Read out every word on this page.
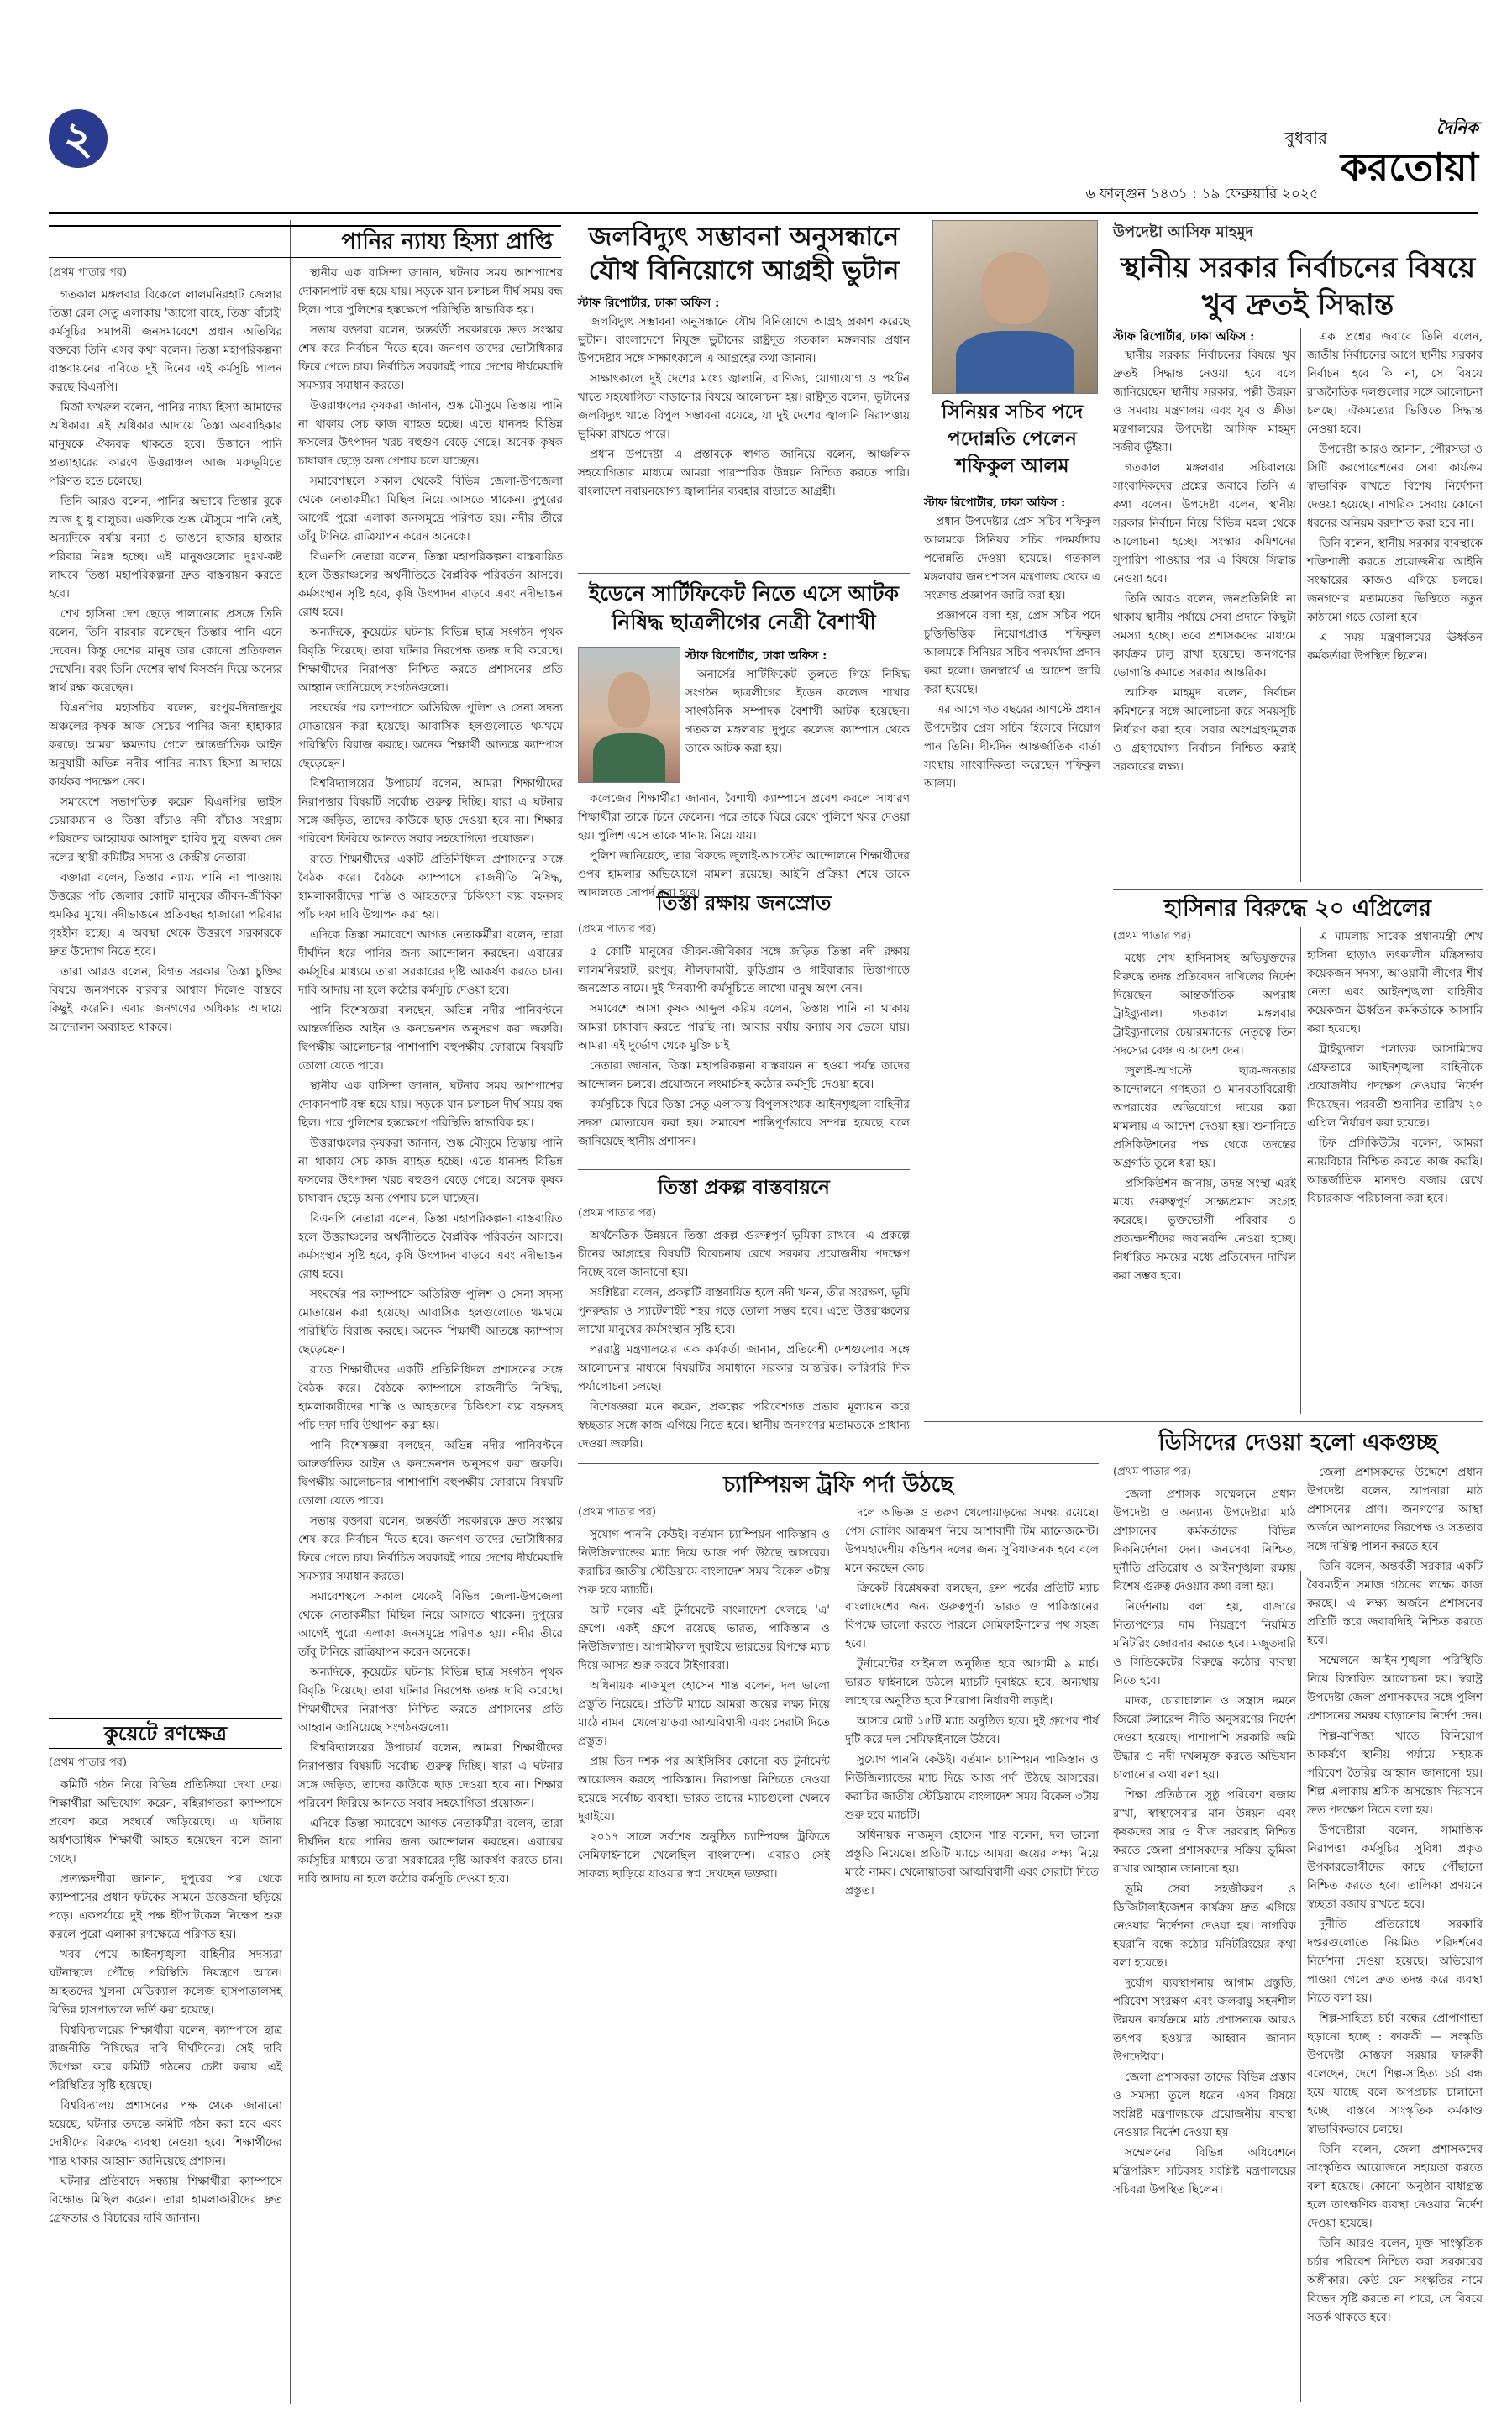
২	বুধবার
৬ ফাল্গুন ১৪৩১ : ১৯ ফেব্রুয়ারি ২০২৫
দৈনিক
করতোয়া
পানির ন্যায্য হিস্যা প্রাপ্তি
(প্রথম পাতার পর)

গতকাল মঙ্গলবার বিকেলে লালমনিরহাট জেলার তিস্তা রেল সেতু এলাকায় 'জাগো বাহে, তিস্তা বাঁচাই' কর্মসূচির সমাপনী জনসমাবেশে প্রধান অতিথির বক্তব্যে তিনি এসব কথা বলেন। তিস্তা মহাপরিকল্পনা বাস্তবায়নের দাবিতে দুই দিনের এই কর্মসূচি পালন করছে বিএনপি।

মির্জা ফখরুল বলেন, পানির ন্যায্য হিস্যা আমাদের অধিকার। এই অধিকার আদায়ে তিস্তা অববাহিকার মানুষকে ঐক্যবদ্ধ থাকতে হবে। উজানে পানি প্রত্যাহারের কারণে উত্তরাঞ্চল আজ মরুভূমিতে পরিণত হতে চলেছে।

তিনি আরও বলেন, পানির অভাবে তিস্তার বুকে আজ ধু ধু বালুচর। একদিকে শুষ্ক মৌসুমে পানি নেই, অন্যদিকে বর্ষায় বন্যা ও ভাঙনে হাজার হাজার পরিবার নিঃস্ব হচ্ছে। এই মানুষগুলোর দুঃখ-কষ্ট লাঘবে তিস্তা মহাপরিকল্পনা দ্রুত বাস্তবায়ন করতে হবে।

শেখ হাসিনা দেশ ছেড়ে পালানোর প্রসঙ্গে তিনি বলেন, তিনি বারবার বলেছেন তিস্তার পানি এনে দেবেন। কিন্তু দেশের মানুষ তার কোনো প্রতিফলন দেখেনি। বরং তিনি দেশের স্বার্থ বিসর্জন দিয়ে অন্যের স্বার্থ রক্ষা করেছেন।

বিএনপির মহাসচিব বলেন, রংপুর-দিনাজপুর অঞ্চলের কৃষক আজ সেচের পানির জন্য হাহাকার করছে। আমরা ক্ষমতায় গেলে আন্তর্জাতিক আইন অনুযায়ী অভিন্ন নদীর পানির ন্যায্য হিস্যা আদায়ে কার্যকর পদক্ষেপ নেব।

সমাবেশে সভাপতিত্ব করেন বিএনপির ভাইস চেয়ারম্যান ও তিস্তা বাঁচাও নদী বাঁচাও সংগ্রাম পরিষদের আহ্বায়ক আসাদুল হাবিব দুলু। বক্তব্য দেন দলের স্থায়ী কমিটির সদস্য ও কেন্দ্রীয় নেতারা।

বক্তারা বলেন, তিস্তার ন্যায্য পানি না পাওয়ায় উত্তরের পাঁচ জেলার কোটি মানুষের জীবন-জীবিকা হুমকির মুখে। নদীভাঙনে প্রতিবছর হাজারো পরিবার গৃহহীন হচ্ছে। এ অবস্থা থেকে উত্তরণে সরকারকে দ্রুত উদ্যোগ নিতে হবে।

তারা আরও বলেন, বিগত সরকার তিস্তা চুক্তির বিষয়ে জনগণকে বারবার আশ্বাস দিলেও বাস্তবে কিছুই করেনি। এবার জনগণের অধিকার আদায়ে আন্দোলন অব্যাহত থাকবে।

কুয়েটে রণক্ষেত্র
(প্রথম পাতার পর)

কমিটি গঠন নিয়ে বিভিন্ন প্রতিক্রিয়া দেখা দেয়। শিক্ষার্থীরা অভিযোগ করেন, বহিরাগতরা ক্যাম্পাসে প্রবেশ করে সংঘর্ষে জড়িয়েছে। এ ঘটনায় অর্ধশতাধিক শিক্ষার্থী আহত হয়েছেন বলে জানা গেছে।

প্রত্যক্ষদর্শীরা জানান, দুপুরের পর থেকে ক্যাম্পাসের প্রধান ফটকের সামনে উত্তেজনা ছড়িয়ে পড়ে। একপর্যায়ে দুই পক্ষ ইটপাটকেল নিক্ষেপ শুরু করলে পুরো এলাকা রণক্ষেত্রে পরিণত হয়।

খবর পেয়ে আইনশৃঙ্খলা বাহিনীর সদস্যরা ঘটনাস্থলে পৌঁছে পরিস্থিতি নিয়ন্ত্রণে আনে। আহতদের খুলনা মেডিক্যাল কলেজ হাসপাতালসহ বিভিন্ন হাসপাতালে ভর্তি করা হয়েছে।

বিশ্ববিদ্যালয়ের শিক্ষার্থীরা বলেন, ক্যাম্পাসে ছাত্র রাজনীতি নিষিদ্ধের দাবি দীর্ঘদিনের। সেই দাবি উপেক্ষা করে কমিটি গঠনের চেষ্টা করায় এই পরিস্থিতির সৃষ্টি হয়েছে।

বিশ্ববিদ্যালয় প্রশাসনের পক্ষ থেকে জানানো হয়েছে, ঘটনার তদন্তে কমিটি গঠন করা হবে এবং দোষীদের বিরুদ্ধে ব্যবস্থা নেওয়া হবে। শিক্ষার্থীদের শান্ত থাকার আহ্বান জানিয়েছে প্রশাসন।

ঘটনার প্রতিবাদে সন্ধ্যায় শিক্ষার্থীরা ক্যাম্পাসে বিক্ষোভ মিছিল করেন। তারা হামলাকারীদের দ্রুত গ্রেফতার ও বিচারের দাবি জানান।

স্থানীয় এক বাসিন্দা জানান, ঘটনার সময় আশপাশের দোকানপাট বন্ধ হয়ে যায়। সড়কে যান চলাচল দীর্ঘ সময় বন্ধ ছিল। পরে পুলিশের হস্তক্ষেপে পরিস্থিতি স্বাভাবিক হয়।

সভায় বক্তারা বলেন, অন্তর্বর্তী সরকারকে দ্রুত সংস্কার শেষ করে নির্বাচন দিতে হবে। জনগণ তাদের ভোটাধিকার ফিরে পেতে চায়। নির্বাচিত সরকারই পারে দেশের দীর্ঘমেয়াদি সমস্যার সমাধান করতে।

উত্তরাঞ্চলের কৃষকরা জানান, শুষ্ক মৌসুমে তিস্তায় পানি না থাকায় সেচ কাজ ব্যাহত হচ্ছে। এতে ধানসহ বিভিন্ন ফসলের উৎপাদন খরচ বহুগুণ বেড়ে গেছে। অনেক কৃষক চাষাবাদ ছেড়ে অন্য পেশায় চলে যাচ্ছেন।

সমাবেশস্থলে সকাল থেকেই বিভিন্ন জেলা-উপজেলা থেকে নেতাকর্মীরা মিছিল নিয়ে আসতে থাকেন। দুপুরের আগেই পুরো এলাকা জনসমুদ্রে পরিণত হয়। নদীর তীরে তাঁবু টানিয়ে রাত্রিযাপন করেন অনেকে।

বিএনপি নেতারা বলেন, তিস্তা মহাপরিকল্পনা বাস্তবায়িত হলে উত্তরাঞ্চলের অর্থনীতিতে বৈপ্লবিক পরিবর্তন আসবে। কর্মসংস্থান সৃষ্টি হবে, কৃষি উৎপাদন বাড়বে এবং নদীভাঙন রোধ হবে।

অন্যদিকে, কুয়েটের ঘটনায় বিভিন্ন ছাত্র সংগঠন পৃথক বিবৃতি দিয়েছে। তারা ঘটনার নিরপেক্ষ তদন্ত দাবি করেছে। শিক্ষার্থীদের নিরাপত্তা নিশ্চিত করতে প্রশাসনের প্রতি আহ্বান জানিয়েছে সংগঠনগুলো।

সংঘর্ষের পর ক্যাম্পাসে অতিরিক্ত পুলিশ ও সেনা সদস্য মোতায়েন করা হয়েছে। আবাসিক হলগুলোতে থমথমে পরিস্থিতি বিরাজ করছে। অনেক শিক্ষার্থী আতঙ্কে ক্যাম্পাস ছেড়েছেন।

বিশ্ববিদ্যালয়ের উপাচার্য বলেন, আমরা শিক্ষার্থীদের নিরাপত্তার বিষয়টি সর্বোচ্চ গুরুত্ব দিচ্ছি। যারা এ ঘটনার সঙ্গে জড়িত, তাদের কাউকে ছাড় দেওয়া হবে না। শিক্ষার পরিবেশ ফিরিয়ে আনতে সবার সহযোগিতা প্রয়োজন।

রাতে শিক্ষার্থীদের একটি প্রতিনিধিদল প্রশাসনের সঙ্গে বৈঠক করে। বৈঠকে ক্যাম্পাসে রাজনীতি নিষিদ্ধ, হামলাকারীদের শাস্তি ও আহতদের চিকিৎসা ব্যয় বহনসহ পাঁচ দফা দাবি উত্থাপন করা হয়।

এদিকে তিস্তা সমাবেশে আগত নেতাকর্মীরা বলেন, তারা দীর্ঘদিন ধরে পানির জন্য আন্দোলন করছেন। এবারের কর্মসূচির মাধ্যমে তারা সরকারের দৃষ্টি আকর্ষণ করতে চান। দাবি আদায় না হলে কঠোর কর্মসূচি দেওয়া হবে।

পানি বিশেষজ্ঞরা বলছেন, অভিন্ন নদীর পানিবণ্টনে আন্তর্জাতিক আইন ও কনভেনশন অনুসরণ করা জরুরি। দ্বিপক্ষীয় আলোচনার পাশাপাশি বহুপক্ষীয় ফোরামে বিষয়টি তোলা যেতে পারে।

স্থানীয় এক বাসিন্দা জানান, ঘটনার সময় আশপাশের দোকানপাট বন্ধ হয়ে যায়। সড়কে যান চলাচল দীর্ঘ সময় বন্ধ ছিল। পরে পুলিশের হস্তক্ষেপে পরিস্থিতি স্বাভাবিক হয়।

উত্তরাঞ্চলের কৃষকরা জানান, শুষ্ক মৌসুমে তিস্তায় পানি না থাকায় সেচ কাজ ব্যাহত হচ্ছে। এতে ধানসহ বিভিন্ন ফসলের উৎপাদন খরচ বহুগুণ বেড়ে গেছে। অনেক কৃষক চাষাবাদ ছেড়ে অন্য পেশায় চলে যাচ্ছেন।

বিএনপি নেতারা বলেন, তিস্তা মহাপরিকল্পনা বাস্তবায়িত হলে উত্তরাঞ্চলের অর্থনীতিতে বৈপ্লবিক পরিবর্তন আসবে। কর্মসংস্থান সৃষ্টি হবে, কৃষি উৎপাদন বাড়বে এবং নদীভাঙন রোধ হবে।

সংঘর্ষের পর ক্যাম্পাসে অতিরিক্ত পুলিশ ও সেনা সদস্য মোতায়েন করা হয়েছে। আবাসিক হলগুলোতে থমথমে পরিস্থিতি বিরাজ করছে। অনেক শিক্ষার্থী আতঙ্কে ক্যাম্পাস ছেড়েছেন।

রাতে শিক্ষার্থীদের একটি প্রতিনিধিদল প্রশাসনের সঙ্গে বৈঠক করে। বৈঠকে ক্যাম্পাসে রাজনীতি নিষিদ্ধ, হামলাকারীদের শাস্তি ও আহতদের চিকিৎসা ব্যয় বহনসহ পাঁচ দফা দাবি উত্থাপন করা হয়।

পানি বিশেষজ্ঞরা বলছেন, অভিন্ন নদীর পানিবণ্টনে আন্তর্জাতিক আইন ও কনভেনশন অনুসরণ করা জরুরি। দ্বিপক্ষীয় আলোচনার পাশাপাশি বহুপক্ষীয় ফোরামে বিষয়টি তোলা যেতে পারে।

সভায় বক্তারা বলেন, অন্তর্বর্তী সরকারকে দ্রুত সংস্কার শেষ করে নির্বাচন দিতে হবে। জনগণ তাদের ভোটাধিকার ফিরে পেতে চায়। নির্বাচিত সরকারই পারে দেশের দীর্ঘমেয়াদি সমস্যার সমাধান করতে।

সমাবেশস্থলে সকাল থেকেই বিভিন্ন জেলা-উপজেলা থেকে নেতাকর্মীরা মিছিল নিয়ে আসতে থাকেন। দুপুরের আগেই পুরো এলাকা জনসমুদ্রে পরিণত হয়। নদীর তীরে তাঁবু টানিয়ে রাত্রিযাপন করেন অনেকে।

অন্যদিকে, কুয়েটের ঘটনায় বিভিন্ন ছাত্র সংগঠন পৃথক বিবৃতি দিয়েছে। তারা ঘটনার নিরপেক্ষ তদন্ত দাবি করেছে। শিক্ষার্থীদের নিরাপত্তা নিশ্চিত করতে প্রশাসনের প্রতি আহ্বান জানিয়েছে সংগঠনগুলো।

বিশ্ববিদ্যালয়ের উপাচার্য বলেন, আমরা শিক্ষার্থীদের নিরাপত্তার বিষয়টি সর্বোচ্চ গুরুত্ব দিচ্ছি। যারা এ ঘটনার সঙ্গে জড়িত, তাদের কাউকে ছাড় দেওয়া হবে না। শিক্ষার পরিবেশ ফিরিয়ে আনতে সবার সহযোগিতা প্রয়োজন।

এদিকে তিস্তা সমাবেশে আগত নেতাকর্মীরা বলেন, তারা দীর্ঘদিন ধরে পানির জন্য আন্দোলন করছেন। এবারের কর্মসূচির মাধ্যমে তারা সরকারের দৃষ্টি আকর্ষণ করতে চান। দাবি আদায় না হলে কঠোর কর্মসূচি দেওয়া হবে।

জলবিদ্যুৎ সম্ভাবনা অনুসন্ধানে যৌথ বিনিয়োগে আগ্রহী ভুটান
স্টাফ রিপোর্টার, ঢাকা অফিস :

জলবিদ্যুৎ সম্ভাবনা অনুসন্ধানে যৌথ বিনিয়োগে আগ্রহ প্রকাশ করেছে ভুটান। বাংলাদেশে নিযুক্ত ভুটানের রাষ্ট্রদূত গতকাল মঙ্গলবার প্রধান উপদেষ্টার সঙ্গে সাক্ষাৎকালে এ আগ্রহের কথা জানান।

সাক্ষাৎকালে দুই দেশের মধ্যে জ্বালানি, বাণিজ্য, যোগাযোগ ও পর্যটন খাতে সহযোগিতা বাড়ানোর বিষয়ে আলোচনা হয়। রাষ্ট্রদূত বলেন, ভুটানের জলবিদ্যুৎ খাতে বিপুল সম্ভাবনা রয়েছে, যা দুই দেশের জ্বালানি নিরাপত্তায় ভূমিকা রাখতে পারে।

প্রধান উপদেষ্টা এ প্রস্তাবকে স্বাগত জানিয়ে বলেন, আঞ্চলিক সহযোগিতার মাধ্যমে আমরা পারস্পরিক উন্নয়ন নিশ্চিত করতে পারি। বাংলাদেশ নবায়নযোগ্য জ্বালানির ব্যবহার বাড়াতে আগ্রহী।

ইডেনে সার্টিফিকেট নিতে এসে আটক নিষিদ্ধ ছাত্রলীগের নেত্রী বৈশাখী
স্টাফ রিপোর্টার, ঢাকা অফিস :

অনার্সের সার্টিফিকেট তুলতে গিয়ে নিষিদ্ধ সংগঠন ছাত্রলীগের ইডেন কলেজ শাখার সাংগঠনিক সম্পাদক বৈশাখী আটক হয়েছেন। গতকাল মঙ্গলবার দুপুরে কলেজ ক্যাম্পাস থেকে তাকে আটক করা হয়।

কলেজের শিক্ষার্থীরা জানান, বৈশাখী ক্যাম্পাসে প্রবেশ করলে সাধারণ শিক্ষার্থীরা তাকে চিনে ফেলেন। পরে তাকে ঘিরে রেখে পুলিশে খবর দেওয়া হয়। পুলিশ এসে তাকে থানায় নিয়ে যায়।

পুলিশ জানিয়েছে, তার বিরুদ্ধে জুলাই-আগস্টের আন্দোলনে শিক্ষার্থীদের ওপর হামলার অভিযোগে মামলা রয়েছে। আইনি প্রক্রিয়া শেষে তাকে আদালতে সোপর্দ করা হবে।

তিস্তা রক্ষায় জনস্রোত
(প্রথম পাতার পর)

৫ কোটি মানুষের জীবন-জীবিকার সঙ্গে জড়িত তিস্তা নদী রক্ষায় লালমনিরহাট, রংপুর, নীলফামারী, কুড়িগ্রাম ও গাইবান্ধার তিস্তাপাড়ে জনস্রোত নামে। দুই দিনব্যাপী কর্মসূচিতে লাখো মানুষ অংশ নেন।

সমাবেশে আসা কৃষক আব্দুল করিম বলেন, তিস্তায় পানি না থাকায় আমরা চাষাবাদ করতে পারছি না। আবার বর্ষায় বন্যায় সব ভেসে যায়। আমরা এই দুর্ভোগ থেকে মুক্তি চাই।

নেতারা জানান, তিস্তা মহাপরিকল্পনা বাস্তবায়ন না হওয়া পর্যন্ত তাদের আন্দোলন চলবে। প্রয়োজনে লংমার্চসহ কঠোর কর্মসূচি দেওয়া হবে।

কর্মসূচিকে ঘিরে তিস্তা সেতু এলাকায় বিপুলসংখ্যক আইনশৃঙ্খলা বাহিনীর সদস্য মোতায়েন করা হয়। সমাবেশ শান্তিপূর্ণভাবে সম্পন্ন হয়েছে বলে জানিয়েছে স্থানীয় প্রশাসন।

তিস্তা প্রকল্প বাস্তবায়নে
(প্রথম পাতার পর)

অর্থনৈতিক উন্নয়নে তিস্তা প্রকল্প গুরুত্বপূর্ণ ভূমিকা রাখবে। এ প্রকল্পে চীনের আগ্রহের বিষয়টি বিবেচনায় রেখে সরকার প্রয়োজনীয় পদক্ষেপ নিচ্ছে বলে জানানো হয়।

সংশ্লিষ্টরা বলেন, প্রকল্পটি বাস্তবায়িত হলে নদী খনন, তীর সংরক্ষণ, ভূমি পুনরুদ্ধার ও স্যাটেলাইট শহর গড়ে তোলা সম্ভব হবে। এতে উত্তরাঞ্চলের লাখো মানুষের কর্মসংস্থান সৃষ্টি হবে।

পররাষ্ট্র মন্ত্রণালয়ের এক কর্মকর্তা জানান, প্রতিবেশী দেশগুলোর সঙ্গে আলোচনার মাধ্যমে বিষয়টির সমাধানে সরকার আন্তরিক। কারিগরি দিক পর্যালোচনা চলছে।

বিশেষজ্ঞরা মনে করেন, প্রকল্পের পরিবেশগত প্রভাব মূল্যায়ন করে স্বচ্ছতার সঙ্গে কাজ এগিয়ে নিতে হবে। স্থানীয় জনগণের মতামতকে প্রাধান্য দেওয়া জরুরি।

চ্যাম্পিয়ন্স ট্রফি পর্দা উঠছে
(প্রথম পাতার পর)

সুযোগ পাননি কেউই। বর্তমান চ্যাম্পিয়ন পাকিস্তান ও নিউজিল্যান্ডের ম্যাচ দিয়ে আজ পর্দা উঠছে আসরের। করাচির জাতীয় স্টেডিয়ামে বাংলাদেশ সময় বিকেল ৩টায় শুরু হবে ম্যাচটি।

আট দলের এই টুর্নামেন্টে বাংলাদেশ খেলছে 'এ' গ্রুপে। একই গ্রুপে রয়েছে ভারত, পাকিস্তান ও নিউজিল্যান্ড। আগামীকাল দুবাইয়ে ভারতের বিপক্ষে ম্যাচ দিয়ে আসর শুরু করবে টাইগাররা।

অধিনায়ক নাজমুল হোসেন শান্ত বলেন, দল ভালো প্রস্তুতি নিয়েছে। প্রতিটি ম্যাচে আমরা জয়ের লক্ষ্য নিয়ে মাঠে নামব। খেলোয়াড়রা আত্মবিশ্বাসী এবং সেরাটা দিতে প্রস্তুত।

প্রায় তিন দশক পর আইসিসির কোনো বড় টুর্নামেন্ট আয়োজন করছে পাকিস্তান। নিরাপত্তা নিশ্চিতে নেওয়া হয়েছে সর্বোচ্চ ব্যবস্থা। ভারত তাদের ম্যাচগুলো খেলবে দুবাইয়ে।

২০১৭ সালে সর্বশেষ অনুষ্ঠিত চ্যাম্পিয়ন্স ট্রফিতে সেমিফাইনালে খেলেছিল বাংলাদেশ। এবারও সেই সাফল্য ছাড়িয়ে যাওয়ার স্বপ্ন দেখছেন ভক্তরা।

দলে অভিজ্ঞ ও তরুণ খেলোয়াড়দের সমন্বয় রয়েছে। পেস বোলিং আক্রমণ নিয়ে আশাবাদী টিম ম্যানেজমেন্ট। উপমহাদেশীয় কন্ডিশন দলের জন্য সুবিধাজনক হবে বলে মনে করছেন কোচ।

ক্রিকেট বিশ্লেষকরা বলছেন, গ্রুপ পর্বের প্রতিটি ম্যাচ বাংলাদেশের জন্য গুরুত্বপূর্ণ। ভারত ও পাকিস্তানের বিপক্ষে ভালো করতে পারলে সেমিফাইনালের পথ সহজ হবে।

টুর্নামেন্টের ফাইনাল অনুষ্ঠিত হবে আগামী ৯ মার্চ। ভারত ফাইনালে উঠলে ম্যাচটি দুবাইয়ে হবে, অন্যথায় লাহোরে অনুষ্ঠিত হবে শিরোপা নির্ধারণী লড়াই।

আসরে মোট ১৫টি ম্যাচ অনুষ্ঠিত হবে। দুই গ্রুপের শীর্ষ দুটি করে দল সেমিফাইনালে উঠবে।

সুযোগ পাননি কেউই। বর্তমান চ্যাম্পিয়ন পাকিস্তান ও নিউজিল্যান্ডের ম্যাচ দিয়ে আজ পর্দা উঠছে আসরের। করাচির জাতীয় স্টেডিয়ামে বাংলাদেশ সময় বিকেল ৩টায় শুরু হবে ম্যাচটি।

অধিনায়ক নাজমুল হোসেন শান্ত বলেন, দল ভালো প্রস্তুতি নিয়েছে। প্রতিটি ম্যাচে আমরা জয়ের লক্ষ্য নিয়ে মাঠে নামব। খেলোয়াড়রা আত্মবিশ্বাসী এবং সেরাটা দিতে প্রস্তুত।

সিনিয়র সচিব পদে পদোন্নতি পেলেন শফিকুল আলম
স্টাফ রিপোর্টার, ঢাকা অফিস :

প্রধান উপদেষ্টার প্রেস সচিব শফিকুল আলমকে সিনিয়র সচিব পদমর্যাদায় পদোন্নতি দেওয়া হয়েছে। গতকাল মঙ্গলবার জনপ্রশাসন মন্ত্রণালয় থেকে এ সংক্রান্ত প্রজ্ঞাপন জারি করা হয়।

প্রজ্ঞাপনে বলা হয়, প্রেস সচিব পদে চুক্তিভিত্তিক নিয়োগপ্রাপ্ত শফিকুল আলমকে সিনিয়র সচিব পদমর্যাদা প্রদান করা হলো। জনস্বার্থে এ আদেশ জারি করা হয়েছে।

এর আগে গত বছরের আগস্টে প্রধান উপদেষ্টার প্রেস সচিব হিসেবে নিয়োগ পান তিনি। দীর্ঘদিন আন্তর্জাতিক বার্তা সংস্থায় সাংবাদিকতা করেছেন শফিকুল আলম।

উপদেষ্টা আসিফ মাহমুদ
স্থানীয় সরকার নির্বাচনের বিষয়ে খুব দ্রুতই সিদ্ধান্ত
স্টাফ রিপোর্টার, ঢাকা অফিস :

স্থানীয় সরকার নির্বাচনের বিষয়ে খুব দ্রুতই সিদ্ধান্ত নেওয়া হবে বলে জানিয়েছেন স্থানীয় সরকার, পল্লী উন্নয়ন ও সমবায় মন্ত্রণালয় এবং যুব ও ক্রীড়া মন্ত্রণালয়ের উপদেষ্টা আসিফ মাহমুদ সজীব ভূঁইয়া।

গতকাল মঙ্গলবার সচিবালয়ে সাংবাদিকদের প্রশ্নের জবাবে তিনি এ কথা বলেন। উপদেষ্টা বলেন, স্থানীয় সরকার নির্বাচন নিয়ে বিভিন্ন মহল থেকে আলোচনা হচ্ছে। সংস্কার কমিশনের সুপারিশ পাওয়ার পর এ বিষয়ে সিদ্ধান্ত নেওয়া হবে।

তিনি আরও বলেন, জনপ্রতিনিধি না থাকায় স্থানীয় পর্যায়ে সেবা প্রদানে কিছুটা সমস্যা হচ্ছে। তবে প্রশাসকদের মাধ্যমে কার্যক্রম চালু রাখা হয়েছে। জনগণের ভোগান্তি কমাতে সরকার আন্তরিক।

আসিফ মাহমুদ বলেন, নির্বাচন কমিশনের সঙ্গে আলোচনা করে সময়সূচি নির্ধারণ করা হবে। সবার অংশগ্রহণমূলক ও গ্রহণযোগ্য নির্বাচন নিশ্চিত করাই সরকারের লক্ষ্য।

এক প্রশ্নের জবাবে তিনি বলেন, জাতীয় নির্বাচনের আগে স্থানীয় সরকার নির্বাচন হবে কি না, সে বিষয়ে রাজনৈতিক দলগুলোর সঙ্গে আলোচনা চলছে। ঐকমত্যের ভিত্তিতে সিদ্ধান্ত নেওয়া হবে।

উপদেষ্টা আরও জানান, পৌরসভা ও সিটি করপোরেশনের সেবা কার্যক্রম স্বাভাবিক রাখতে বিশেষ নির্দেশনা দেওয়া হয়েছে। নাগরিক সেবায় কোনো ধরনের অনিয়ম বরদাশত করা হবে না।

তিনি বলেন, স্থানীয় সরকার ব্যবস্থাকে শক্তিশালী করতে প্রয়োজনীয় আইনি সংস্কারের কাজও এগিয়ে চলছে। জনগণের মতামতের ভিত্তিতে নতুন কাঠামো গড়ে তোলা হবে।

এ সময় মন্ত্রণালয়ের ঊর্ধ্বতন কর্মকর্তারা উপস্থিত ছিলেন।

হাসিনার বিরুদ্ধে ২০ এপ্রিলের
(প্রথম পাতার পর)

মধ্যে শেখ হাসিনাসহ অভিযুক্তদের বিরুদ্ধে তদন্ত প্রতিবেদন দাখিলের নির্দেশ দিয়েছেন আন্তর্জাতিক অপরাধ ট্রাইব্যুনাল। গতকাল মঙ্গলবার ট্রাইব্যুনালের চেয়ারম্যানের নেতৃত্বে তিন সদস্যের বেঞ্চ এ আদেশ দেন।

জুলাই-আগস্টে ছাত্র-জনতার আন্দোলনে গণহত্যা ও মানবতাবিরোধী অপরাধের অভিযোগে দায়ের করা মামলায় এ আদেশ দেওয়া হয়। শুনানিতে প্রসিকিউশনের পক্ষ থেকে তদন্তের অগ্রগতি তুলে ধরা হয়।

প্রসিকিউশন জানায়, তদন্ত সংস্থা এরই মধ্যে গুরুত্বপূর্ণ সাক্ষ্যপ্রমাণ সংগ্রহ করেছে। ভুক্তভোগী পরিবার ও প্রত্যক্ষদর্শীদের জবানবন্দি নেওয়া হচ্ছে। নির্ধারিত সময়ের মধ্যে প্রতিবেদন দাখিল করা সম্ভব হবে।

এ মামলায় সাবেক প্রধানমন্ত্রী শেখ হাসিনা ছাড়াও তৎকালীন মন্ত্রিসভার কয়েকজন সদস্য, আওয়ামী লীগের শীর্ষ নেতা এবং আইনশৃঙ্খলা বাহিনীর কয়েকজন ঊর্ধ্বতন কর্মকর্তাকে আসামি করা হয়েছে।

ট্রাইব্যুনাল পলাতক আসামিদের গ্রেফতারে আইনশৃঙ্খলা বাহিনীকে প্রয়োজনীয় পদক্ষেপ নেওয়ার নির্দেশ দিয়েছেন। পরবর্তী শুনানির তারিখ ২০ এপ্রিল নির্ধারণ করা হয়েছে।

চিফ প্রসিকিউটর বলেন, আমরা ন্যায়বিচার নিশ্চিত করতে কাজ করছি। আন্তর্জাতিক মানদণ্ড বজায় রেখে বিচারকাজ পরিচালনা করা হবে।

ডিসিদের দেওয়া হলো একগুচ্ছ
(প্রথম পাতার পর)

জেলা প্রশাসক সম্মেলনে প্রধান উপদেষ্টা ও অন্যান্য উপদেষ্টারা মাঠ প্রশাসনের কর্মকর্তাদের বিভিন্ন দিকনির্দেশনা দেন। জনসেবা নিশ্চিত, দুর্নীতি প্রতিরোধ ও আইনশৃঙ্খলা রক্ষায় বিশেষ গুরুত্ব দেওয়ার কথা বলা হয়।

নির্দেশনায় বলা হয়, বাজারে নিত্যপণ্যের দাম নিয়ন্ত্রণে নিয়মিত মনিটরিং জোরদার করতে হবে। মজুতদারি ও সিন্ডিকেটের বিরুদ্ধে কঠোর ব্যবস্থা নিতে হবে।

মাদক, চোরাচালান ও সন্ত্রাস দমনে জিরো টলারেন্স নীতি অনুসরণের নির্দেশ দেওয়া হয়েছে। পাশাপাশি সরকারি জমি উদ্ধার ও নদী দখলমুক্ত করতে অভিযান চালানোর কথা বলা হয়।

শিক্ষা প্রতিষ্ঠানে সুষ্ঠু পরিবেশ বজায় রাখা, স্বাস্থ্যসেবার মান উন্নয়ন এবং কৃষকদের সার ও বীজ সরবরাহ নিশ্চিত করতে জেলা প্রশাসকদের সক্রিয় ভূমিকা রাখার আহ্বান জানানো হয়।

ভূমি সেবা সহজীকরণ ও ডিজিটালাইজেশন কার্যক্রম দ্রুত এগিয়ে নেওয়ার নির্দেশনা দেওয়া হয়। নাগরিক হয়রানি বন্ধে কঠোর মনিটরিংয়ের কথা বলা হয়েছে।

দুর্যোগ ব্যবস্থাপনায় আগাম প্রস্তুতি, পরিবেশ সংরক্ষণ এবং জলবায়ু সহনশীল উন্নয়ন কার্যক্রমে মাঠ প্রশাসনকে আরও তৎপর হওয়ার আহ্বান জানান উপদেষ্টারা।

জেলা প্রশাসকরা তাদের বিভিন্ন প্রস্তাব ও সমস্যা তুলে ধরেন। এসব বিষয়ে সংশ্লিষ্ট মন্ত্রণালয়কে প্রয়োজনীয় ব্যবস্থা নেওয়ার নির্দেশ দেওয়া হয়।

সম্মেলনের বিভিন্ন অধিবেশনে মন্ত্রিপরিষদ সচিবসহ সংশ্লিষ্ট মন্ত্রণালয়ের সচিবরা উপস্থিত ছিলেন।

জেলা প্রশাসকদের উদ্দেশে প্রধান উপদেষ্টা বলেন, আপনারা মাঠ প্রশাসনের প্রাণ। জনগণের আস্থা অর্জনে আপনাদের নিরপেক্ষ ও সততার সঙ্গে দায়িত্ব পালন করতে হবে।

তিনি বলেন, অন্তর্বর্তী সরকার একটি বৈষম্যহীন সমাজ গঠনের লক্ষ্যে কাজ করছে। এ লক্ষ্য অর্জনে প্রশাসনের প্রতিটি স্তরে জবাবদিহি নিশ্চিত করতে হবে।

সম্মেলনে আইন-শৃঙ্খলা পরিস্থিতি নিয়ে বিস্তারিত আলোচনা হয়। স্বরাষ্ট্র উপদেষ্টা জেলা প্রশাসকদের সঙ্গে পুলিশ প্রশাসনের সমন্বয় বাড়ানোর নির্দেশ দেন।

শিল্প-বাণিজ্য খাতে বিনিয়োগ আকর্ষণে স্থানীয় পর্যায়ে সহায়ক পরিবেশ তৈরির আহ্বান জানানো হয়। শিল্প এলাকায় শ্রমিক অসন্তোষ নিরসনে দ্রুত পদক্ষেপ নিতে বলা হয়।

উপদেষ্টারা বলেন, সামাজিক নিরাপত্তা কর্মসূচির সুবিধা প্রকৃত উপকারভোগীদের কাছে পৌঁছানো নিশ্চিত করতে হবে। তালিকা প্রণয়নে স্বচ্ছতা বজায় রাখতে হবে।

দুর্নীতি প্রতিরোধে সরকারি দপ্তরগুলোতে নিয়মিত পরিদর্শনের নির্দেশনা দেওয়া হয়েছে। অভিযোগ পাওয়া গেলে দ্রুত তদন্ত করে ব্যবস্থা নিতে বলা হয়।

শিল্প-সাহিত্য চর্চা বন্ধের প্রোপাগান্ডা ছড়ানো হচ্ছে : ফারুকী — সংস্কৃতি উপদেষ্টা মোস্তফা সরয়ার ফারুকী বলেছেন, দেশে শিল্প-সাহিত্য চর্চা বন্ধ হয়ে যাচ্ছে বলে অপপ্রচার চালানো হচ্ছে। বাস্তবে সাংস্কৃতিক কর্মকাণ্ড স্বাভাবিকভাবে চলছে।

তিনি বলেন, জেলা প্রশাসকদের সাংস্কৃতিক আয়োজনে সহায়তা করতে বলা হয়েছে। কোনো অনুষ্ঠান বাধাগ্রস্ত হলে তাৎক্ষণিক ব্যবস্থা নেওয়ার নির্দেশ দেওয়া হয়েছে।

তিনি আরও বলেন, মুক্ত সাংস্কৃতিক চর্চার পরিবেশ নিশ্চিত করা সরকারের অঙ্গীকার। কেউ যেন সংস্কৃতির নামে বিভেদ সৃষ্টি করতে না পারে, সে বিষয়ে সতর্ক থাকতে হবে।
